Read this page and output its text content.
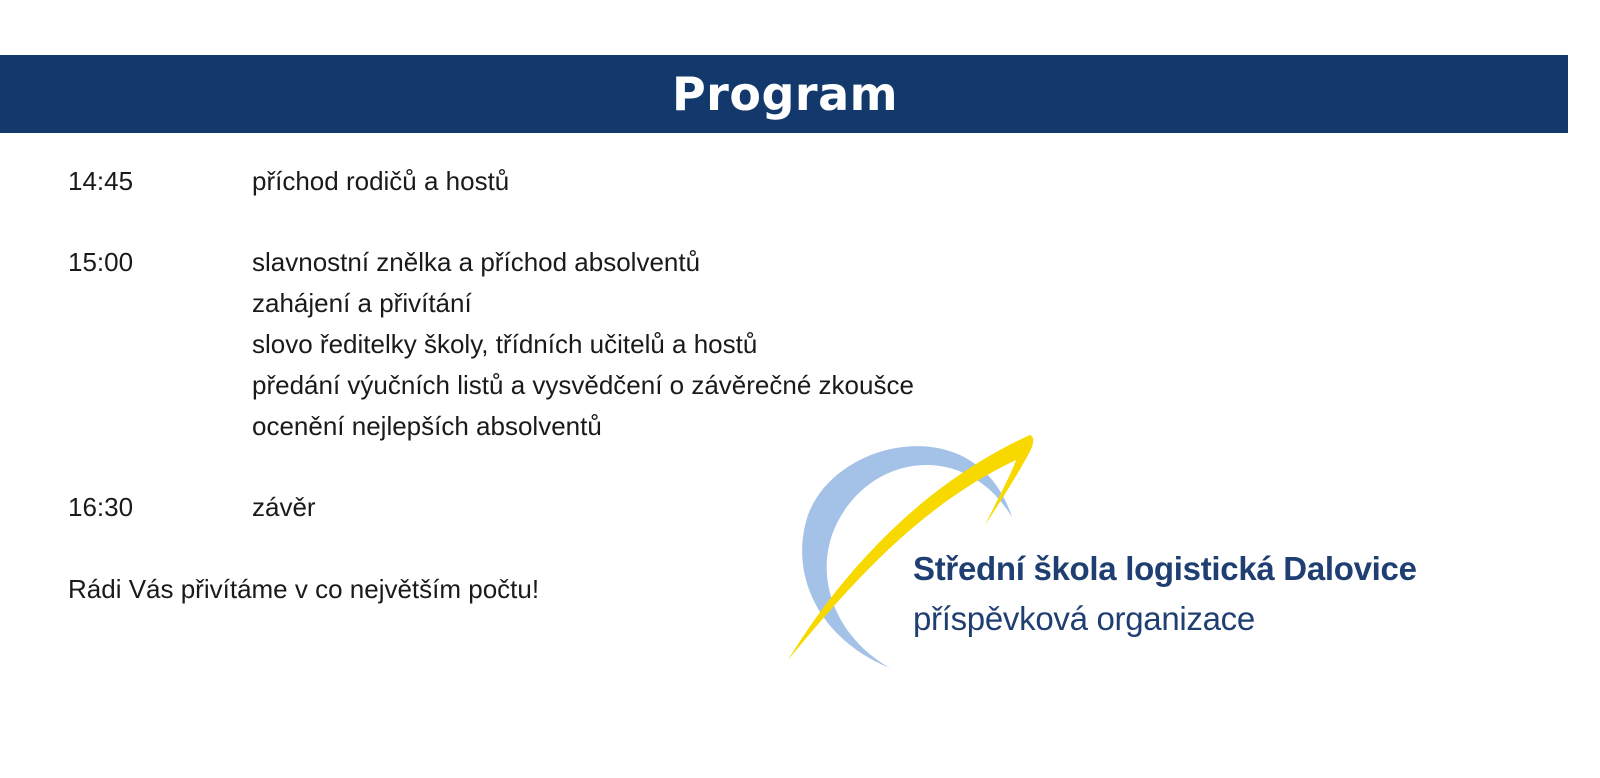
Program
14:45	příchod rodičů a hostů
15:00	slavnostní znělka a příchod absolventů
zahájení a přivítání
slovo ředitelky školy, třídních učitelů a hostů
předání výučních listů a vysvědčení o závěrečné zkoušce
ocenění nejlepších absolventů
16:30	závěr
Rádi Vás přivítáme v co největším počtu!
Střední škola logistická Dalovice
příspěvková organizace
